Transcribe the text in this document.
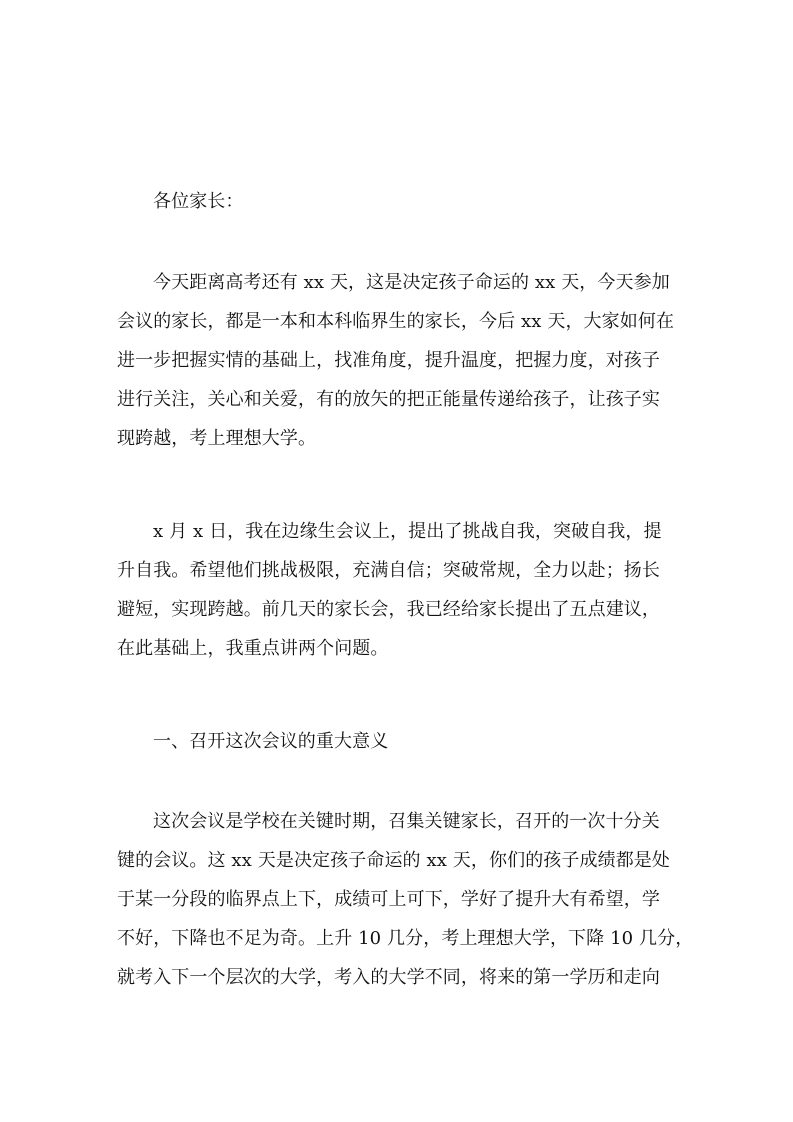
各位家长：
今天距离高考还有 xx 天，这是决定孩子命运的 xx 天，今天参加
会议的家长，都是一本和本科临界生的家长，今后 xx 天，大家如何在
进一步把握实情的基础上，找准角度，提升温度，把握力度，对孩子
进行关注，关心和关爱，有的放矢的把正能量传递给孩子，让孩子实
现跨越，考上理想大学。
x 月 x 日，我在边缘生会议上，提出了挑战自我，突破自我，提
升自我。希望他们挑战极限，充满自信；突破常规，全力以赴；扬长
避短，实现跨越。前几天的家长会，我已经给家长提出了五点建议，
在此基础上，我重点讲两个问题。
一、召开这次会议的重大意义
这次会议是学校在关键时期，召集关键家长，召开的一次十分关
键的会议。这 xx 天是决定孩子命运的 xx 天，你们的孩子成绩都是处
于某一分段的临界点上下，成绩可上可下，学好了提升大有希望，学
不好，下降也不足为奇。上升 10 几分，考上理想大学，下降 10 几分，
就考入下一个层次的大学，考入的大学不同，将来的第一学历和走向
